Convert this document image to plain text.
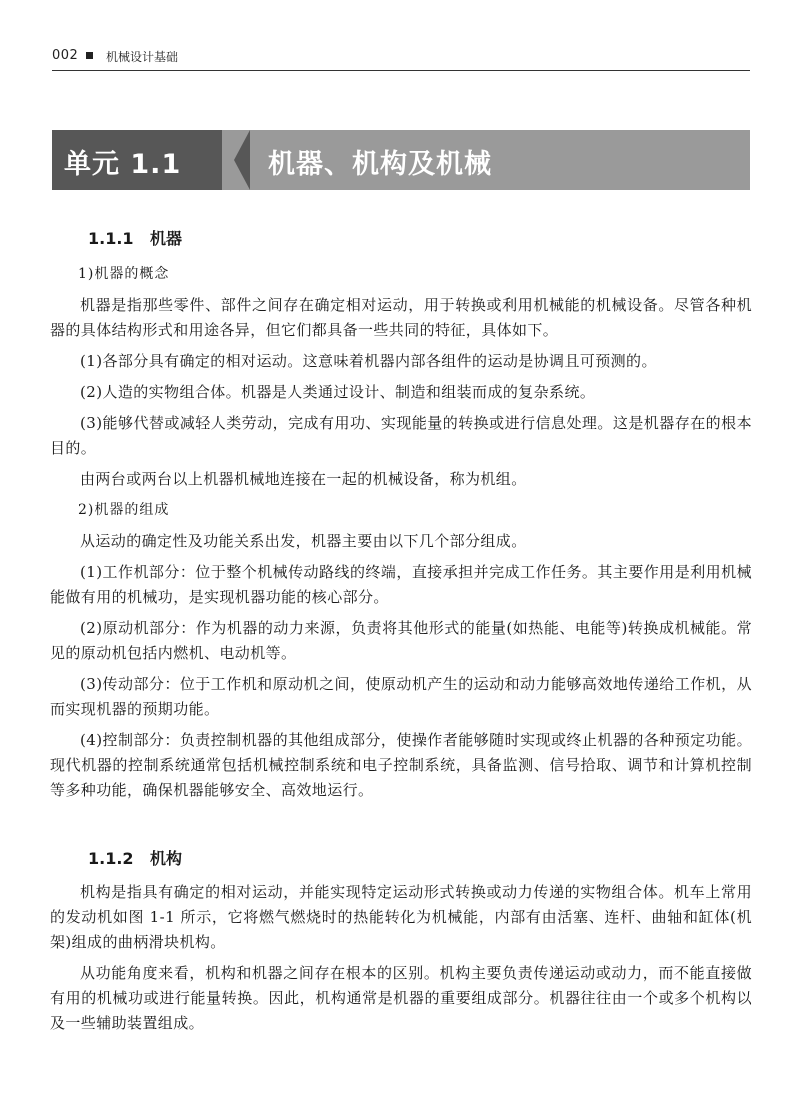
002 机械设计基础
单元 1.1	机器、机构及机械
1.1.1 机器

1)机器的概念

机器是指那些零件、部件之间存在确定相对运动，用于转换或利用机械能的机械设备。尽管各种机器的具体结构形式和用途各异，但它们都具备一些共同的特征，具体如下。

(1)各部分具有确定的相对运动。这意味着机器内部各组件的运动是协调且可预测的。

(2)人造的实物组合体。机器是人类通过设计、制造和组装而成的复杂系统。

(3)能够代替或减轻人类劳动，完成有用功、实现能量的转换或进行信息处理。这是机器存在的根本目的。

由两台或两台以上机器机械地连接在一起的机械设备，称为机组。

2)机器的组成

从运动的确定性及功能关系出发，机器主要由以下几个部分组成。

(1)工作机部分：位于整个机械传动路线的终端，直接承担并完成工作任务。其主要作用是利用机械能做有用的机械功，是实现机器功能的核心部分。

(2)原动机部分：作为机器的动力来源，负责将其他形式的能量(如热能、电能等)转换成机械能。常见的原动机包括内燃机、电动机等。

(3)传动部分：位于工作机和原动机之间，使原动机产生的运动和动力能够高效地传递给工作机，从而实现机器的预期功能。

(4)控制部分：负责控制机器的其他组成部分，使操作者能够随时实现或终止机器的各种预定功能。现代机器的控制系统通常包括机械控制系统和电子控制系统，具备监测、信号拾取、调节和计算机控制等多种功能，确保机器能够安全、高效地运行。

1.1.2 机构

机构是指具有确定的相对运动，并能实现特定运动形式转换或动力传递的实物组合体。机车上常用的发动机如图 1-1 所示，它将燃气燃烧时的热能转化为机械能，内部有由活塞、连杆、曲轴和缸体(机架)组成的曲柄滑块机构。

从功能角度来看，机构和机器之间存在根本的区别。机构主要负责传递运动或动力，而不能直接做有用的机械功或进行能量转换。因此，机构通常是机器的重要组成部分。机器往往由一个或多个机构以及一些辅助装置组成。
